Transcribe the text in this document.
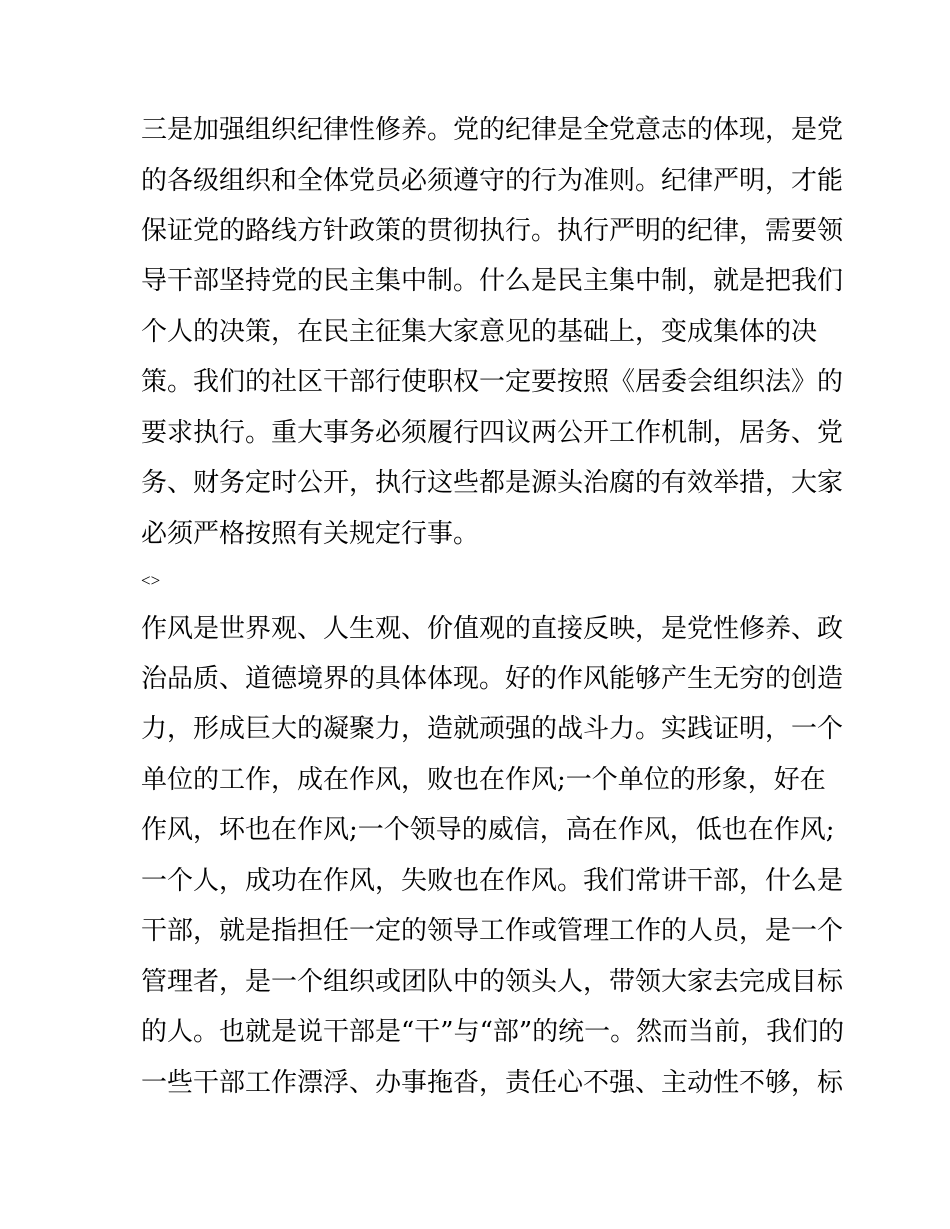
三是加强组织纪律性修养。党的纪律是全党意志的体现，是党
的各级组织和全体党员必须遵守的行为准则。纪律严明，才能
保证党的路线方针政策的贯彻执行。执行严明的纪律，需要领
导干部坚持党的民主集中制。什么是民主集中制，就是把我们
个人的决策，在民主征集大家意见的基础上，变成集体的决
策。我们的社区干部行使职权一定要按照《居委会组织法》的
要求执行。重大事务必须履行四议两公开工作机制，居务、党
务、财务定时公开，执行这些都是源头治腐的有效举措，大家
必须严格按照有关规定行事。
<>
作风是世界观、人生观、价值观的直接反映，是党性修养、政
治品质、道德境界的具体体现。好的作风能够产生无穷的创造
力，形成巨大的凝聚力，造就顽强的战斗力。实践证明，一个
单位的工作，成在作风，败也在作风;一个单位的形象，好在
作风，坏也在作风;一个领导的威信，高在作风，低也在作风;
一个人，成功在作风，失败也在作风。我们常讲干部，什么是
干部，就是指担任一定的领导工作或管理工作的人员，是一个
管理者，是一个组织或团队中的领头人，带领大家去完成目标
的人。也就是说干部是“干”与“部”的统一。然而当前，我们的
一些干部工作漂浮、办事拖沓，责任心不强、主动性不够，标
